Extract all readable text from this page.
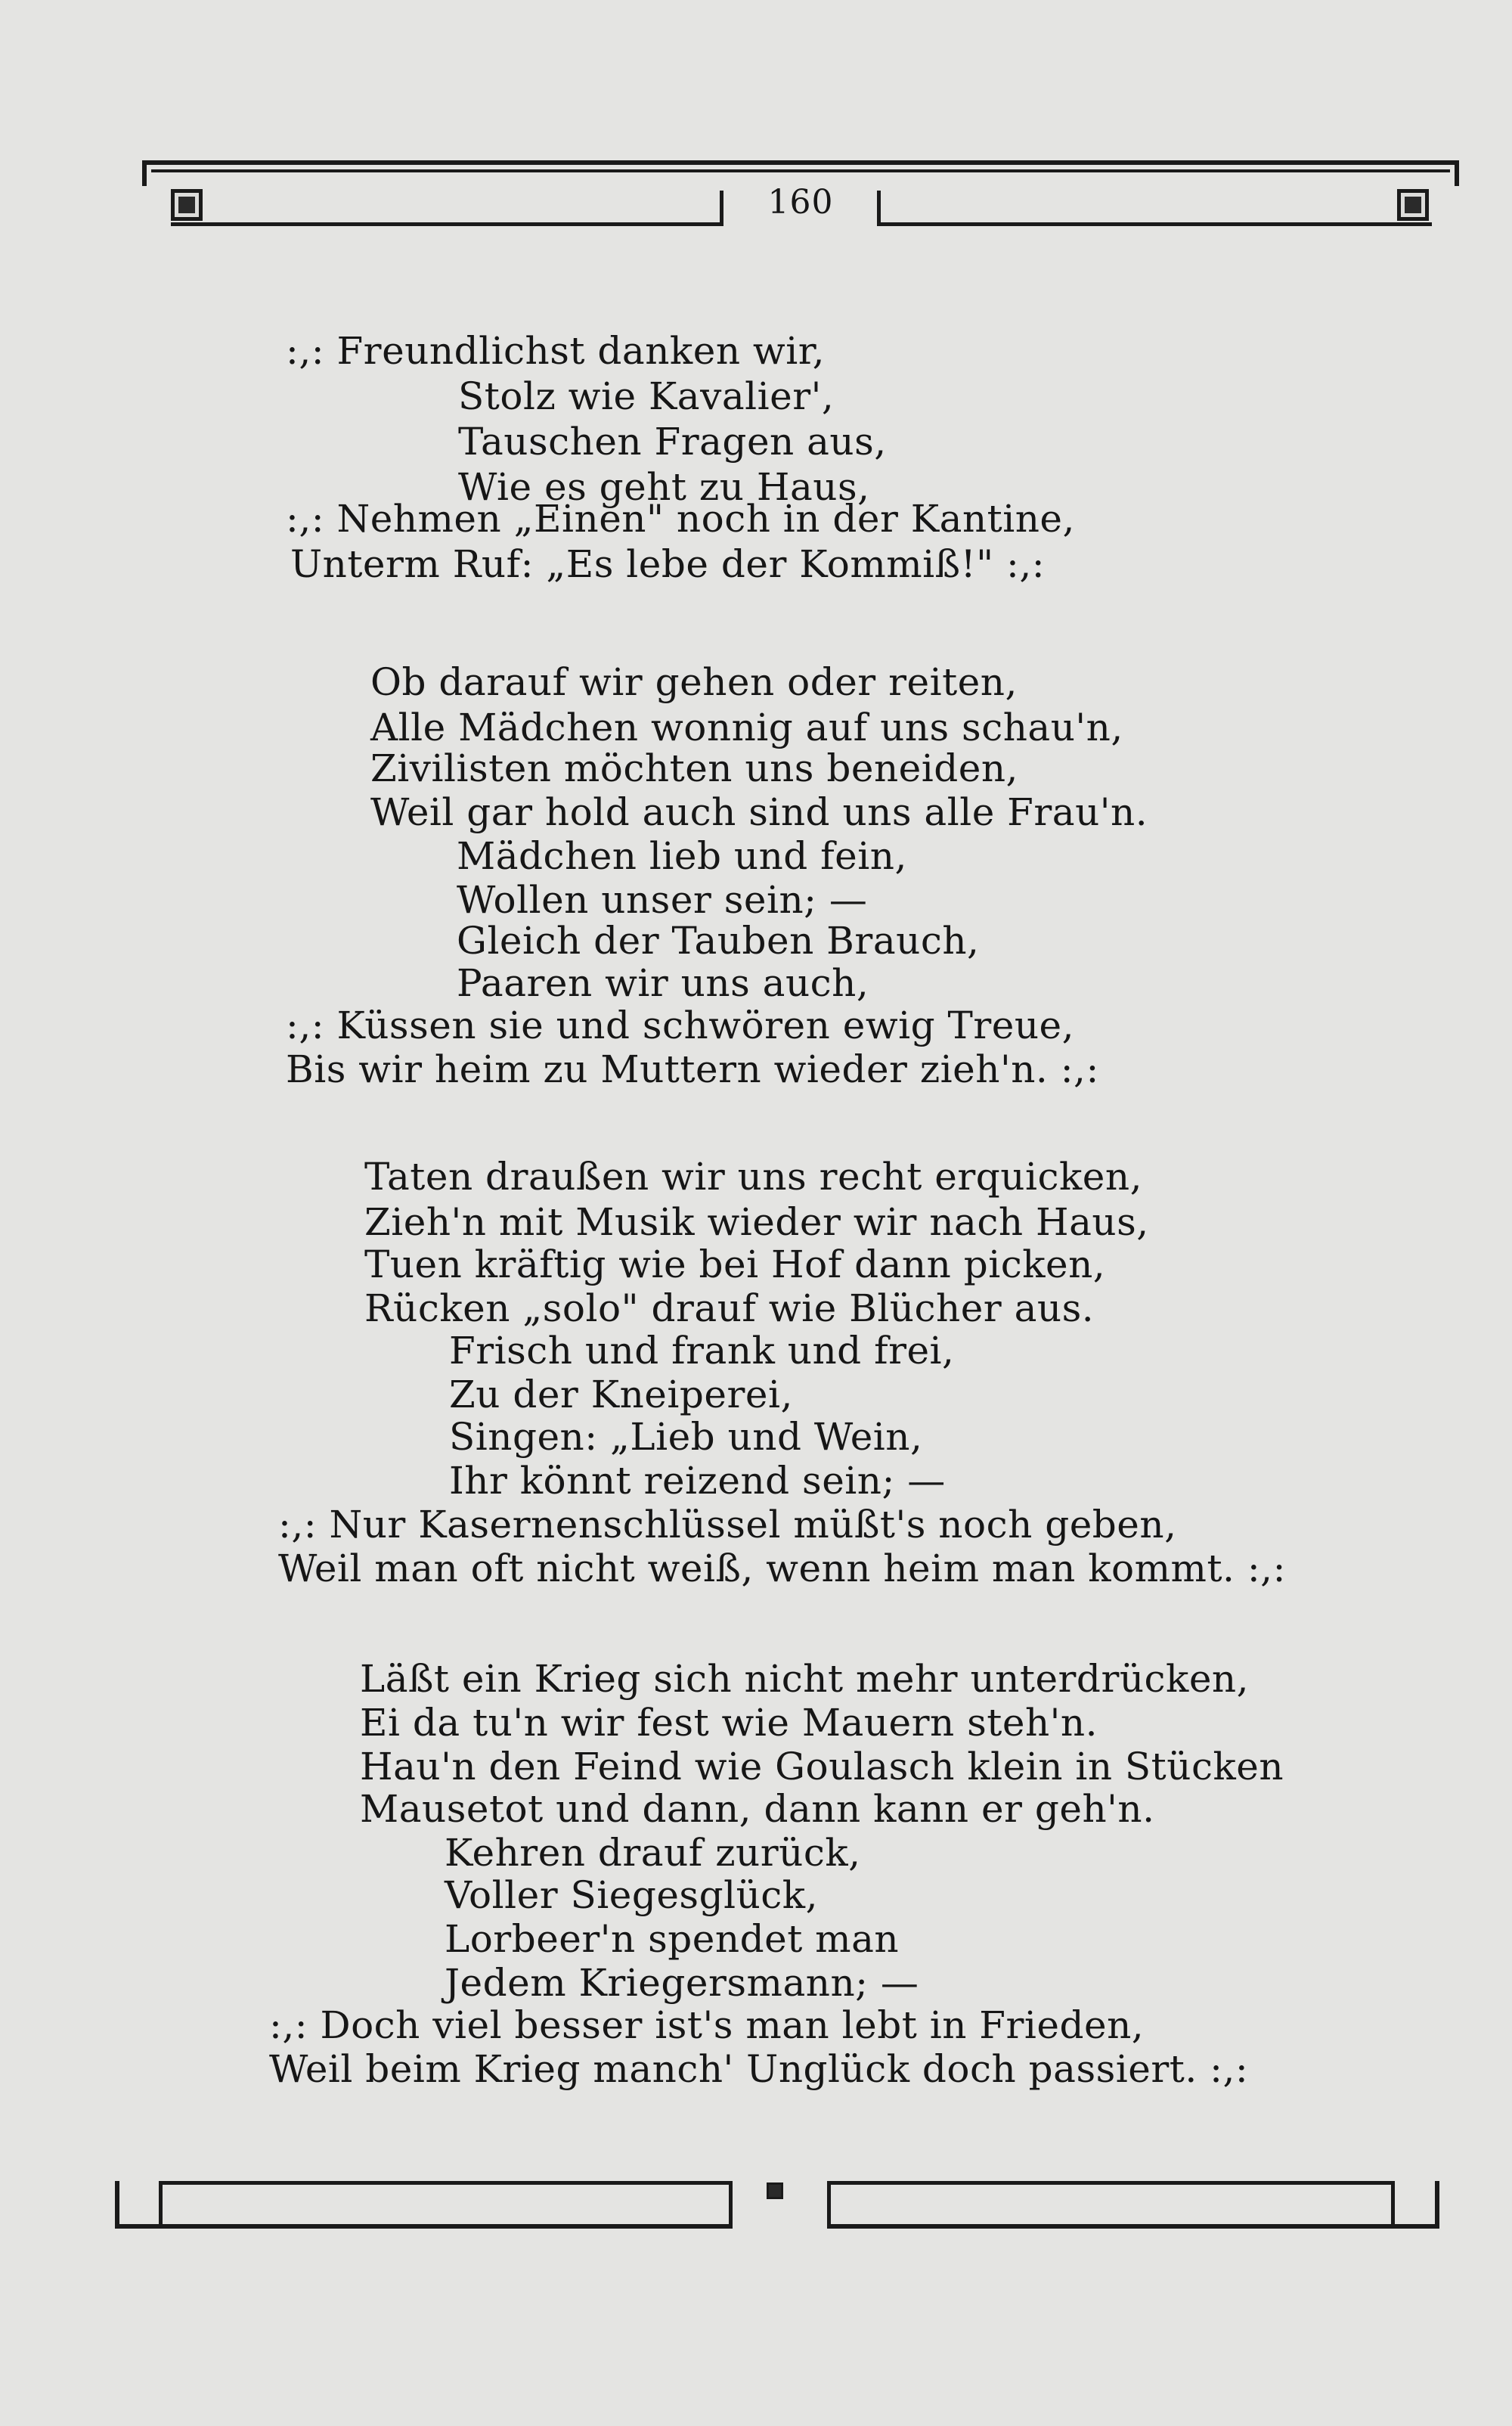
160
:,: Freundlichst danken wir,
Stolz wie Kavalier',
Tauschen Fragen aus,
Wie es geht zu Haus,
:,: Nehmen „Einen" noch in der Kantine,
Unterm Ruf: „Es lebe der Kommiß!" :,:
Ob darauf wir gehen oder reiten,
Alle Mädchen wonnig auf uns schau'n,
Zivilisten möchten uns beneiden,
Weil gar hold auch sind uns alle Frau'n.
Mädchen lieb und fein,
Wollen unser sein; —
Gleich der Tauben Brauch,
Paaren wir uns auch,
:,: Küssen sie und schwören ewig Treue,
Bis wir heim zu Muttern wieder zieh'n. :,:
Taten draußen wir uns recht erquicken,
Zieh'n mit Musik wieder wir nach Haus,
Tuen kräftig wie bei Hof dann picken,
Rücken „solo" drauf wie Blücher aus.
Frisch und frank und frei,
Zu der Kneiperei,
Singen: „Lieb und Wein,
Ihr könnt reizend sein; —
:,: Nur Kasernenschlüssel müßt's noch geben,
Weil man oft nicht weiß, wenn heim man kommt. :,:
Läßt ein Krieg sich nicht mehr unterdrücken,
Ei da tu'n wir fest wie Mauern steh'n.
Hau'n den Feind wie Goulasch klein in Stücken
Mausetot und dann, dann kann er geh'n.
Kehren drauf zurück,
Voller Siegesglück,
Lorbeer'n spendet man
Jedem Kriegersmann; —
:,: Doch viel besser ist's man lebt in Frieden,
Weil beim Krieg manch' Unglück doch passiert. :,:
